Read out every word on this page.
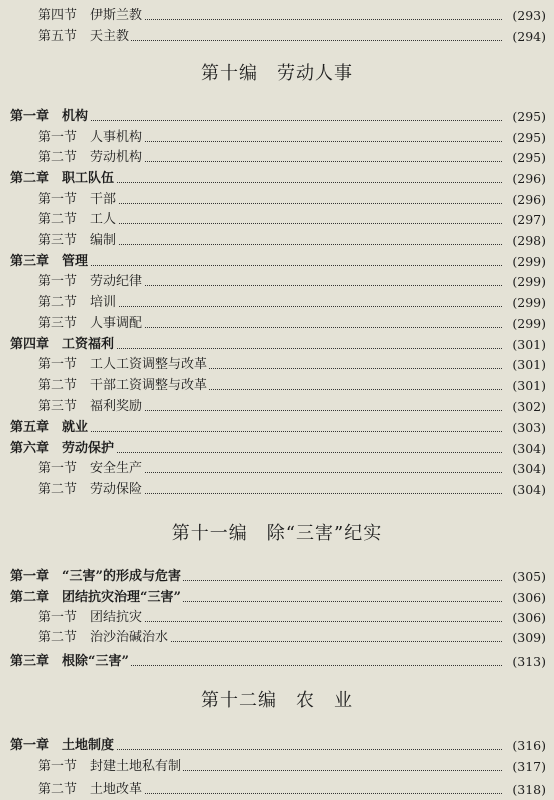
第四节　伊斯兰教	(293)
第五节　天主教	(294)
第十编　劳动人事
第一章　机构	(295)
第一节　人事机构	(295)
第二节　劳动机构	(295)
第二章　职工队伍	(296)
第一节　干部	(296)
第二节　工人	(297)
第三节　编制	(298)
第三章　管理	(299)
第一节　劳动纪律	(299)
第二节　培训	(299)
第三节　人事调配	(299)
第四章　工资福利	(301)
第一节　工人工资调整与改革	(301)
第二节　干部工资调整与改革	(301)
第三节　福利奖励	(302)
第五章　就业	(303)
第六章　劳动保护	(304)
第一节　安全生产	(304)
第二节　劳动保险	(304)
第十一编　除“三害”纪实
第一章　“三害”的形成与危害	(305)
第二章　团结抗灾治理“三害”	(306)
第一节　团结抗灾	(306)
第二节　治沙治碱治水	(309)
第三章　根除“三害”	(313)
第十二编　农　业
第一章　土地制度	(316)
第一节　封建土地私有制	(317)
第二节　土地改革	(318)
